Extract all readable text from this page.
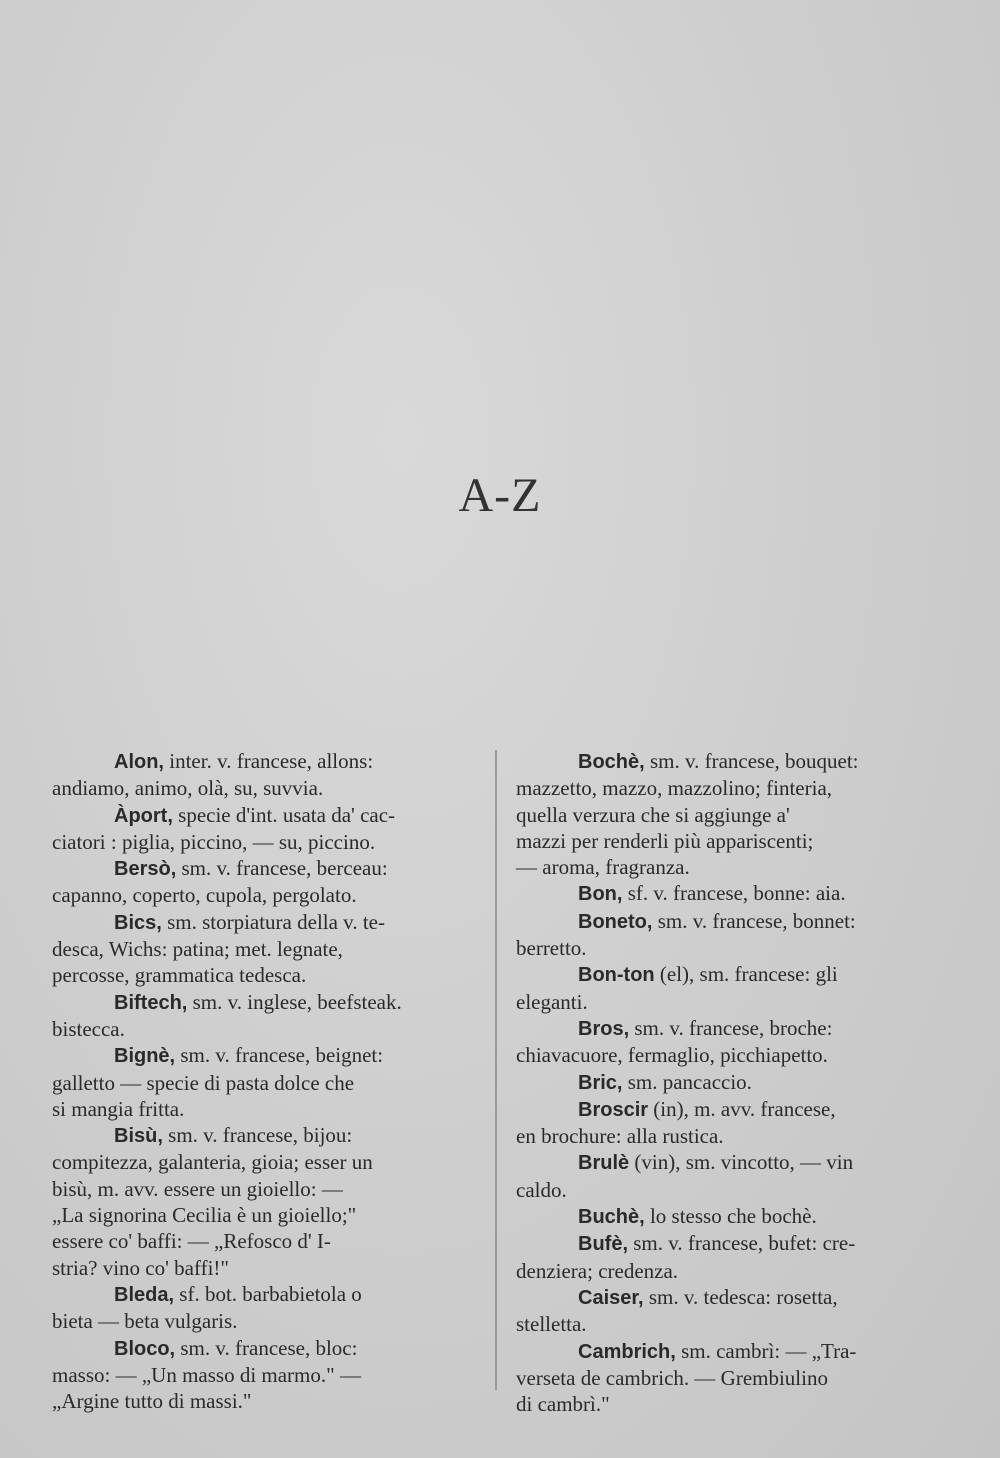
A-Z
Alon, inter. v. francese, allons:
andiamo, animo, olà, su, suvvia.
Àport, specie d'int. usata da' cac-
ciatori : piglia, piccino, — su, piccino.
Bersò, sm. v. francese, berceau:
capanno, coperto, cupola, pergolato.
Bics, sm. storpiatura della v. te-
desca, Wichs: patina; met. legnate,
percosse, grammatica tedesca.
Biftech, sm. v. inglese, beefsteak.
bistecca.
Bignè, sm. v. francese, beignet:
galletto — specie di pasta dolce che
si mangia fritta.
Bisù, sm. v. francese, bijou:
compitezza, galanteria, gioia; esser un
bisù, m. avv. essere un gioiello: —
„La signorina Cecilia è un gioiello;"
essere co' baffi: — „Refosco d' I-
stria? vino co' baffi!"
Bleda, sf. bot. barbabietola o
bieta — beta vulgaris.
Bloco, sm. v. francese, bloc:
masso: — „Un masso di marmo." —
„Argine tutto di massi."
Bochè, sm. v. francese, bouquet:
mazzetto, mazzo, mazzolino; finteria,
quella verzura che si aggiunge a'
mazzi per renderli più appariscenti;
— aroma, fragranza.
Bon, sf. v. francese, bonne: aia.
Boneto, sm. v. francese, bonnet:
berretto.
Bon-ton (el), sm. francese: gli
eleganti.
Bros, sm. v. francese, broche:
chiavacuore, fermaglio, picchiapetto.
Bric, sm. pancaccio.
Broscir (in), m. avv. francese,
en brochure: alla rustica.
Brulè (vin), sm. vincotto, — vin
caldo.
Buchè, lo stesso che bochè.
Bufè, sm. v. francese, bufet: cre-
denziera; credenza.
Caiser, sm. v. tedesca: rosetta,
stelletta.
Cambrich, sm. cambrì: — „Tra-
verseta de cambrich. — Grembiulino
di cambrì."
